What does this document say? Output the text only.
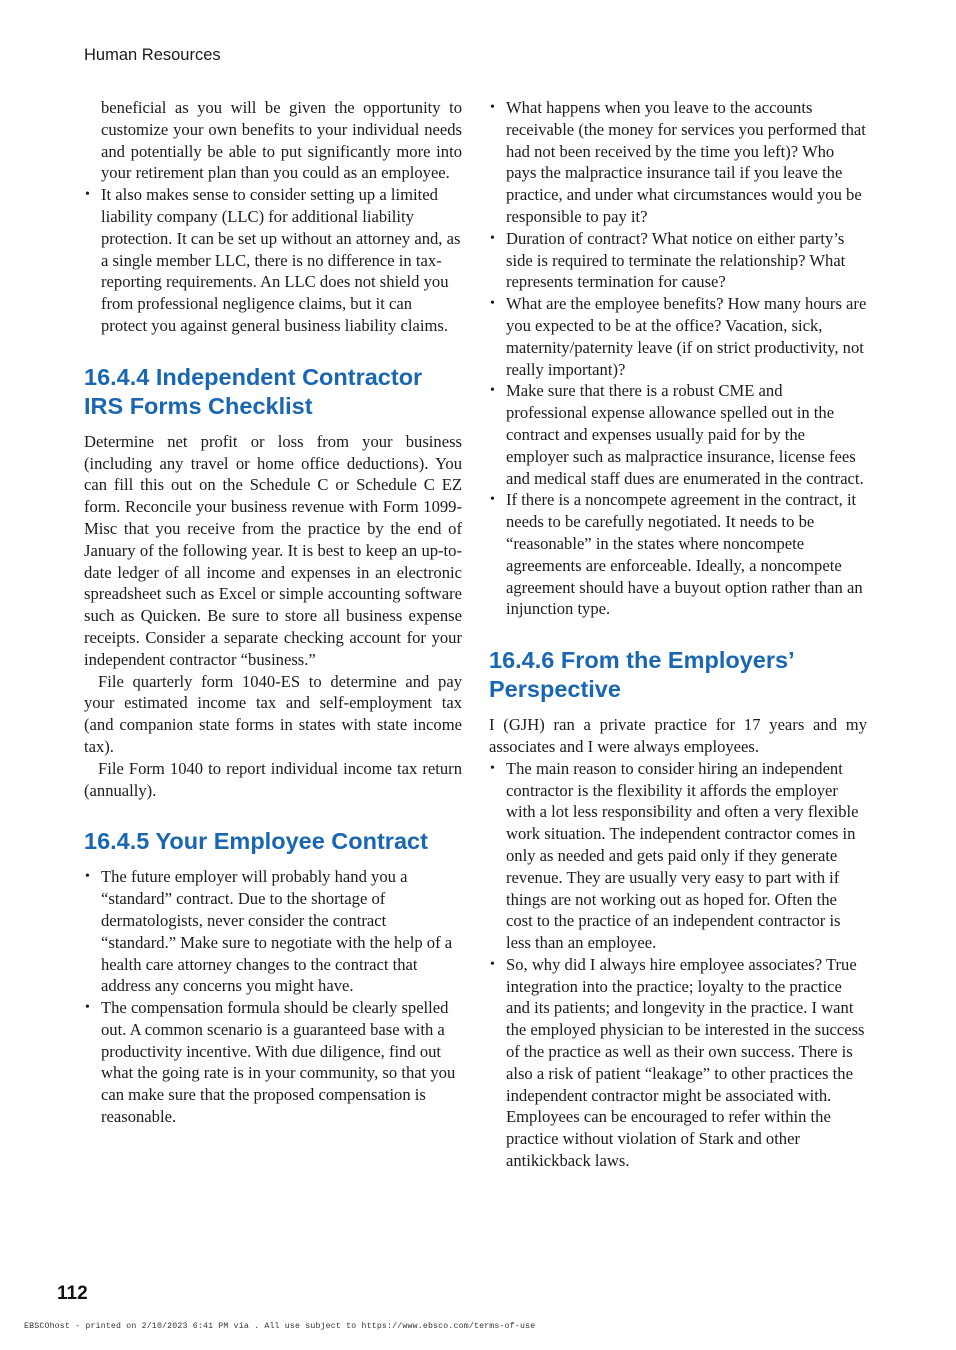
Human Resources

beneficial as you will be given the opportunity to customize your own benefits to your individual needs and potentially be able to put significantly more into your retirement plan than you could as an employee.

• It also makes sense to consider setting up a limited liability company (LLC) for additional liability protection. It can be set up without an attorney and, as a single member LLC, there is no difference in tax-reporting requirements. An LLC does not shield you from professional negligence claims, but it can protect you against general business liability claims.
16.4.4 Independent Contractor IRS Forms Checklist

Determine net profit or loss from your business (including any travel or home office deductions). You can fill this out on the Schedule C or Schedule C EZ form. Reconcile your business revenue with Form 1099-Misc that you receive from the practice by the end of January of the following year. It is best to keep an up-to-date ledger of all income and expenses in an electronic spreadsheet such as Excel or simple accounting software such as Quicken. Be sure to store all business expense receipts. Consider a separate checking account for your independent contractor “business.”

File quarterly form 1040-ES to determine and pay your estimated income tax and self-employment tax (and companion state forms in states with state income tax).

File Form 1040 to report individual income tax return (annually).

16.4.5 Your Employee Contract
• The future employer will probably hand you a “standard” contract. Due to the shortage of dermatologists, never consider the contract “standard.” Make sure to negotiate with the help of a health care attorney changes to the contract that address any concerns you might have.
• The compensation formula should be clearly spelled out. A common scenario is a guaranteed base with a productivity incentive. With due diligence, find out what the going rate is in your community, so that you can make sure that the proposed compensation is reasonable.
• What happens when you leave to the accounts receivable (the money for services you performed that had not been received by the time you left)? Who pays the malpractice insurance tail if you leave the practice, and under what circumstances would you be responsible to pay it?
• Duration of contract? What notice on either party’s side is required to terminate the relationship? What represents termination for cause?
• What are the employee benefits? How many hours are you expected to be at the office? Vacation, sick, maternity/paternity leave (if on strict productivity, not really important)?
• Make sure that there is a robust CME and professional expense allowance spelled out in the contract and expenses usually paid for by the employer such as malpractice insurance, license fees and medical staff dues are enumerated in the contract.
• If there is a noncompete agreement in the contract, it needs to be carefully negotiated. It needs to be “reasonable” in the states where noncompete agreements are enforceable. Ideally, a noncompete agreement should have a buyout option rather than an injunction type.
16.4.6 From the Employers’ Perspective

I (GJH) ran a private practice for 17 years and my associates and I were always employees.

• The main reason to consider hiring an independent contractor is the flexibility it affords the employer with a lot less responsibility and often a very flexible work situation. The independent contractor comes in only as needed and gets paid only if they generate revenue. They are usually very easy to part with if things are not working out as hoped for. Often the cost to the practice of an independent contractor is less than an employee.
• So, why did I always hire employee associates? True integration into the practice; loyalty to the practice and its patients; and longevity in the practice. I want the employed physician to be interested in the success of the practice as well as their own success. There is also a risk of patient “leakage” to other practices the independent contractor might be associated with. Employees can be encouraged to refer within the practice without violation of Stark and other antikickback laws.
112
EBSCOhost - printed on 2/10/2023 6:41 PM via . All use subject to https://www.ebsco.com/terms-of-use
